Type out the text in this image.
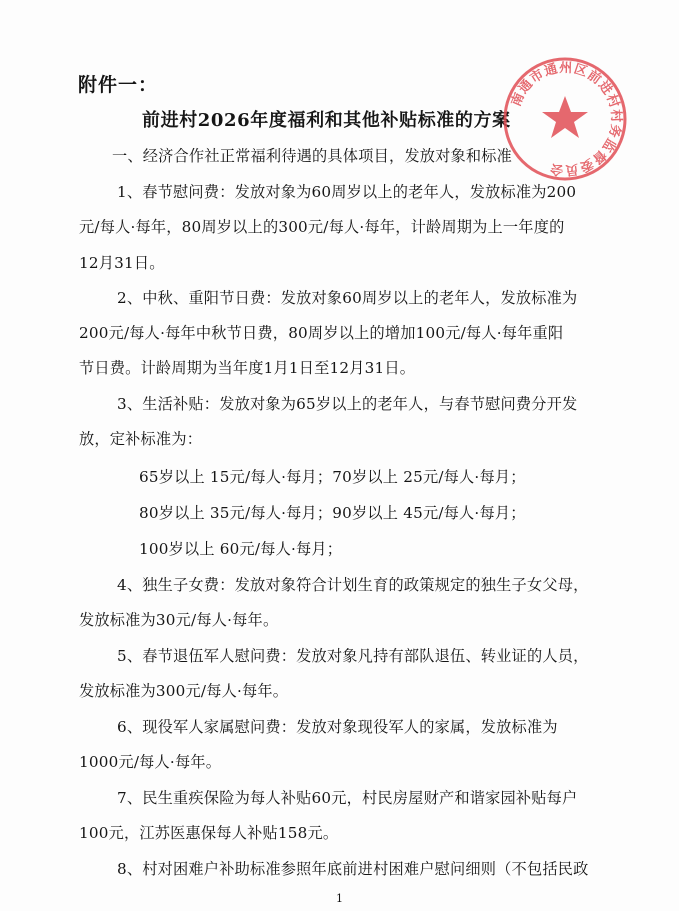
附件一：
前进村2026年度福利和其他补贴标准的方案
一、经济合作社正常福利待遇的具体项目，发放对象和标准
1、春节慰问费：发放对象为60周岁以上的老年人，发放标准为200
元/每人·每年，80周岁以上的300元/每人·每年，计龄周期为上一年度的
12月31日。
2、中秋、重阳节日费：发放对象60周岁以上的老年人，发放标准为
200元/每人·每年中秋节日费，80周岁以上的增加100元/每人·每年重阳
节日费。计龄周期为当年度1月1日至12月31日。
3、生活补贴：发放对象为65岁以上的老年人，与春节慰问费分开发
放，定补标准为：
65岁以上 15元/每人·每月；70岁以上 25元/每人·每月；
80岁以上 35元/每人·每月；90岁以上 45元/每人·每月；
100岁以上 60元/每人·每月；
4、独生子女费：发放对象符合计划生育的政策规定的独生子女父母，
发放标准为30元/每人·每年。
5、春节退伍军人慰问费：发放对象凡持有部队退伍、转业证的人员，
发放标准为300元/每人·每年。
6、现役军人家属慰问费：发放对象现役军人的家属，发放标准为
1000元/每人·每年。
7、民生重疾保险为每人补贴60元，村民房屋财产和谐家园补贴每户
100元，江苏医惠保每人补贴158元。
8、村对困难户补助标准参照年底前进村困难户慰问细则（不包括民政
1
南通市通州区前进村村务监督委员会
